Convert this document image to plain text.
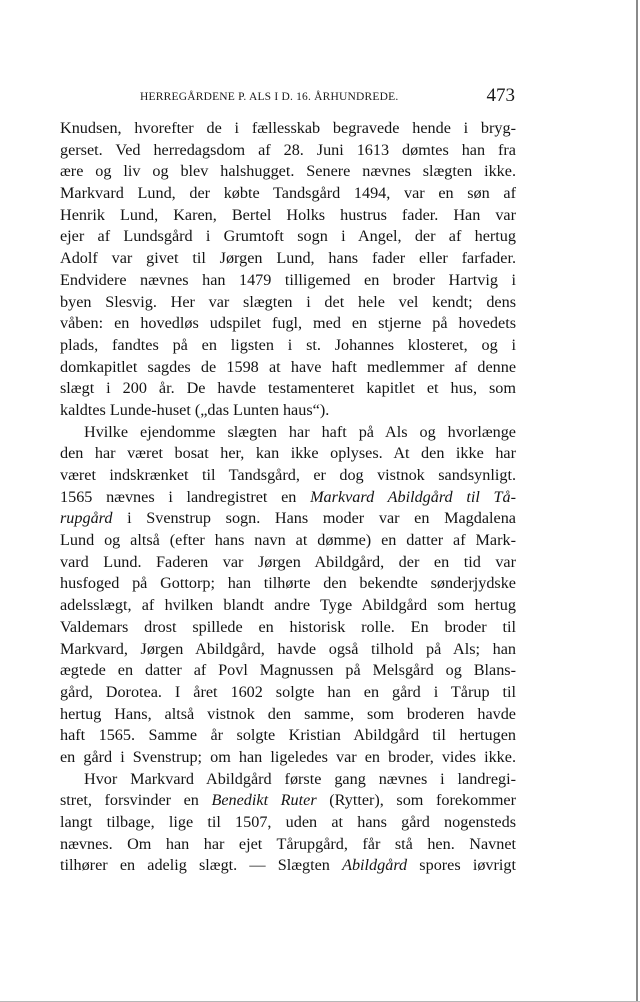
HERREGÅRDENE P. ALS I D. 16. ÅRHUNDREDE.	473
Knudsen, hvorefter de i fællesskab begravede hende i bryg-
gerset. Ved herredagsdom af 28. Juni 1613 dømtes han fra
ære og liv og blev halshugget. Senere nævnes slægten ikke.
Markvard Lund, der købte Tandsgård 1494, var en søn af
Henrik Lund, Karen, Bertel Holks hustrus fader. Han var
ejer af Lundsgård i Grumtoft sogn i Angel, der af hertug
Adolf var givet til Jørgen Lund, hans fader eller farfader.
Endvidere nævnes han 1479 tilligemed en broder Hartvig i
byen Slesvig. Her var slægten i det hele vel kendt; dens
våben: en hovedløs udspilet fugl, med en stjerne på hovedets
plads, fandtes på en ligsten i st. Johannes klosteret, og i
domkapitlet sagdes de 1598 at have haft medlemmer af denne
slægt i 200 år. De havde testamenteret kapitlet et hus, som
kaldtes Lunde-huset („das Lunten haus“).
Hvilke ejendomme slægten har haft på Als og hvorlænge
den har været bosat her, kan ikke oplyses. At den ikke har
været indskrænket til Tandsgård, er dog vistnok sandsynligt.
1565 nævnes i landregistret en Markvard Abildgård til Tå-
rupgård i Svenstrup sogn. Hans moder var en Magdalena
Lund og altså (efter hans navn at dømme) en datter af Mark-
vard Lund. Faderen var Jørgen Abildgård, der en tid var
husfoged på Gottorp; han tilhørte den bekendte sønderjydske
adelsslægt, af hvilken blandt andre Tyge Abildgård som hertug
Valdemars drost spillede en historisk rolle. En broder til
Markvard, Jørgen Abildgård, havde også tilhold på Als; han
ægtede en datter af Povl Magnussen på Melsgård og Blans-
gård, Dorotea. I året 1602 solgte han en gård i Tårup til
hertug Hans, altså vistnok den samme, som broderen havde
haft 1565. Samme år solgte Kristian Abildgård til hertugen
en gård i Svenstrup; om han ligeledes var en broder, vides ikke.
Hvor Markvard Abildgård første gang nævnes i landregi-
stret, forsvinder en Benedikt Ruter (Rytter), som forekommer
langt tilbage, lige til 1507, uden at hans gård nogensteds
nævnes. Om han har ejet Tårupgård, får stå hen. Navnet
tilhører en adelig slægt. — Slægten Abildgård spores iøvrigt
